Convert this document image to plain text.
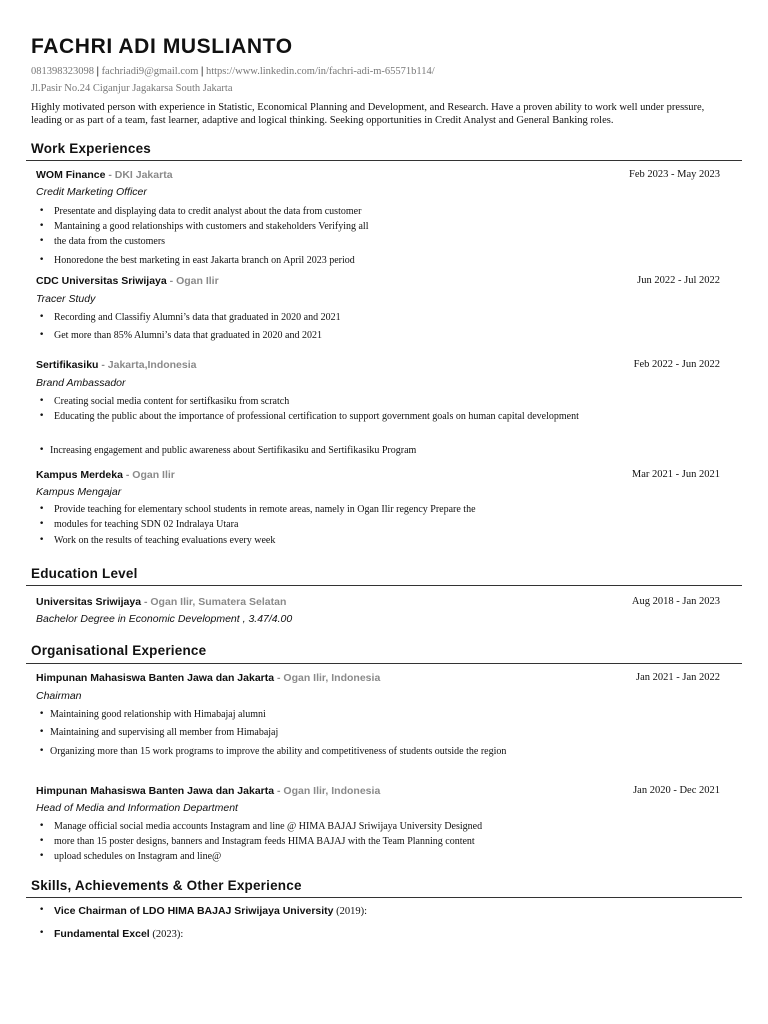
FACHRI ADI MUSLIANTO
081398323098 | fachriadi9@gmail.com | https://www.linkedin.com/in/fachri-adi-m-65571b114/
Jl.Pasir No.24 Ciganjur Jagakarsa South Jakarta
Highly motivated person with experience in Statistic, Economical Planning and Development, and Research. Have a proven ability to work well under pressure, leading or as part of a team, fast learner, adaptive and logical thinking. Seeking opportunities in Credit Analyst and General Banking roles.
Work Experiences
WOM Finance - DKI Jakarta	Feb 2023 - May 2023
Credit Marketing Officer
• Presentate and displaying data to credit analyst about the data from customer
• Mantaining a good relationships with customers and stakeholders Verifying all
• the data from the customers
• Honoredone the best marketing in east Jakarta branch on April 2023 period
CDC Universitas Sriwijaya - Ogan Ilir	Jun 2022 - Jul 2022
Tracer Study
• Recording and Classifiy Alumni’s data that graduated in 2020 and 2021
• Get more than 85% Alumni’s data that graduated in 2020 and 2021
Sertifikasiku - Jakarta,Indonesia	Feb 2022 - Jun 2022
Brand Ambassador
• Creating social media content for sertifkasiku from scratch
• Educating the public about the importance of professional certification to support government goals on human capital development
• Increasing engagement and public awareness about Sertifikasiku and Sertifikasiku Program
Kampus Merdeka - Ogan Ilir	Mar 2021 - Jun 2021
Kampus Mengajar
• Provide teaching for elementary school students in remote areas, namely in Ogan Ilir regency Prepare the
• modules for teaching SDN 02 Indralaya Utara
• Work on the results of teaching evaluations every week
Education Level
Universitas Sriwijaya - Ogan Ilir, Sumatera Selatan	Aug 2018 - Jan 2023
Bachelor Degree in Economic Development , 3.47/4.00
Organisational Experience
Himpunan Mahasiswa Banten Jawa dan Jakarta - Ogan Ilir, Indonesia	Jan 2021 - Jan 2022
Chairman
• Maintaining good relationship with Himabajaj alumni
• Maintaining and supervising all member from Himabajaj
• Organizing more than 15 work programs to improve the ability and competitiveness of students outside the region
Himpunan Mahasiswa Banten Jawa dan Jakarta - Ogan Ilir, Indonesia	Jan 2020 - Dec 2021
Head of Media and Information Department
• Manage official social media accounts Instagram and line @ HIMA BAJAJ Sriwijaya University Designed
• more than 15 poster designs, banners and Instagram feeds HIMA BAJAJ with the Team Planning content
• upload schedules on Instagram and line@
Skills, Achievements & Other Experience
• Vice Chairman of LDO HIMA BAJAJ Sriwijaya University (2019):
• Fundamental Excel (2023):
